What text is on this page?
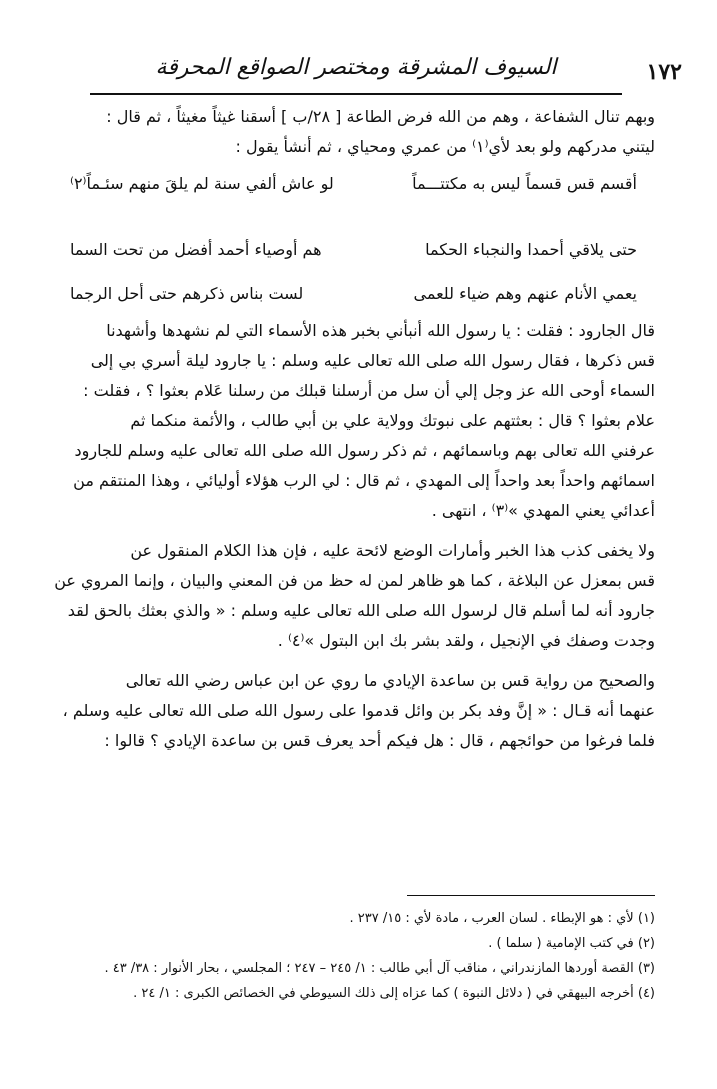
١٧٢
السيوف المشرقة ومختصر الصواقع المحرقة
وبهم تنال الشفاعة ، وهم من الله فرض الطاعة [ ٢٨/ب ] أسقنا غيثاً مغيثاً ، ثم قال :
ليتني مدركهم ولو بعد لأي⁽١⁾ من عمري ومحياي ، ثم أنشأ يقول :
أقسم قس قسماً ليس به مكتتـــماً
لو عاش ألفي سنة لم يلقَ منهم سئـماً⁽٢⁾
حتى يلاقي أحمدا والنجباء الحكما
هم أوصياء أحمد أفضل من تحت السما
يعمي الأنام عنهم وهم ضياء للعمى
لست بناس ذكرهم حتى أحل الرجما
قال الجارود : فقلت : يا رسول الله أنبأني بخبر هذه الأسماء التي لم نشهدها وأشهدنا
قس ذكرها ، فقال رسول الله صلى الله تعالى عليه وسلم : يا جارود ليلة أسري بي إلى
السماء أوحى الله عز وجل إلي أن سل من أرسلنا قبلك من رسلنا عَلام بعثوا ؟ ، فقلت :
علام بعثوا ؟ قال : بعثتهم على نبوتك وولاية علي بن أبي طالب ، والأئمة منكما ثم
عرفني الله تعالى بهم وباسمائهم ، ثم ذكر رسول الله صلى الله تعالى عليه وسلم للجارود
اسمائهم واحداً بعد واحداً إلى المهدي ، ثم قال : لي الرب هؤلاء أوليائي ، وهذا المنتقم من
أعدائي يعني المهدي »⁽٣⁾ ، انتهى .
ولا يخفى كذب هذا الخبر وأمارات الوضع لائحة عليه ، فإن هذا الكلام المنقول عن
قس بمعزل عن البلاغة ، كما هو ظاهر لمن له حظ من فن المعني والبيان ، وإنما المروي عن
جارود أنه لما أسلم قال لرسول الله صلى الله تعالى عليه وسلم : « والذي بعثك بالحق لقد
وجدت وصفك في الإنجيل ، ولقد بشر بك ابن البتول »⁽٤⁾ .
والصحيح من رواية قس بن ساعدة الإيادي ما روي عن ابن عباس رضي الله تعالى
عنهما أنه قـال : « إنَّ وفد بكر بن وائل قدموا على رسول الله صلى الله تعالى عليه وسلم ،
فلما فرغوا من حوائجهم ، قال : هل فيكم أحد يعرف قس بن ساعدة الإيادي ؟ قالوا :
(١) لأي : هو الإبطاء . لسان العرب ، مادة لأي : ١٥/ ٢٣٧ .
(٢) في كتب الإمامية ( سلما ) .
(٣) القصة أوردها المازندراني ، مناقب آل أبي طالب : ١/ ٢٤٥ – ٢٤٧ ؛ المجلسي ، بحار الأنوار : ٣٨/ ٤٣ .
(٤) أخرجه البيهقي في ( دلائل النبوة ) كما عزاه إلى ذلك السيوطي في الخصائص الكبرى : ١/ ٢٤ .
